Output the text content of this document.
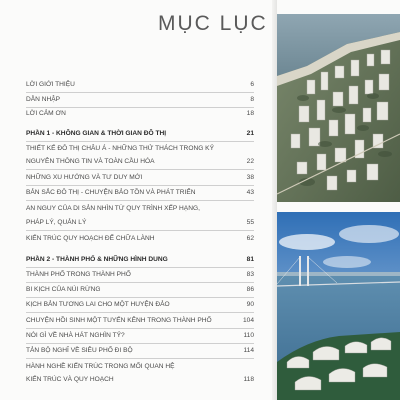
MỤC LỤC
LỜI GIỚI THIỆU	6
DẪN NHẬP	8
LỜI CẢM ƠN	18
PHẦN 1 - KHÔNG GIAN & THỜI GIAN ĐÔ THỊ	21
THIẾT KẾ ĐÔ THỊ CHÂU Á - NHỮNG THỬ THÁCH TRONG KỶ
NGUYÊN THÔNG TIN VÀ TOÀN CẦU HÓA	22
NHỮNG XU HƯỚNG VÀ TƯ DUY MỚI	38
BẢN SẮC ĐÔ THỊ - CHUYỆN BẢO TỒN VÀ PHÁT TRIỂN	43
AN NGUY CỦA DI SẢN NHÌN TỪ QUY TRÌNH XẾP HẠNG,
PHÁP LÝ, QUẢN LÝ	55
KIẾN TRÚC QUY HOẠCH ĐỂ CHỮA LÀNH	62
PHẦN 2 - THÀNH PHỐ & NHỮNG HÌNH DUNG	81
THÀNH PHỐ TRONG THÀNH PHỐ	83
BI KỊCH CỦA NÚI RỪNG	86
KỊCH BẢN TƯƠNG LAI CHO MỘT HUYỆN ĐẢO	90
CHUYỆN HỒI SINH MỘT TUYẾN KÊNH TRONG THÀNH PHỐ	104
NÓI GÌ VỀ NHÀ HÁT NGHÌN TỶ?	110
TẢN BỘ NGHĨ VỀ SIÊU PHỐ ĐI BỘ	114
HÀNH NGHỀ KIẾN TRÚC TRONG MỐI QUAN HỆ
KIẾN TRÚC VÀ QUY HOẠCH	118
